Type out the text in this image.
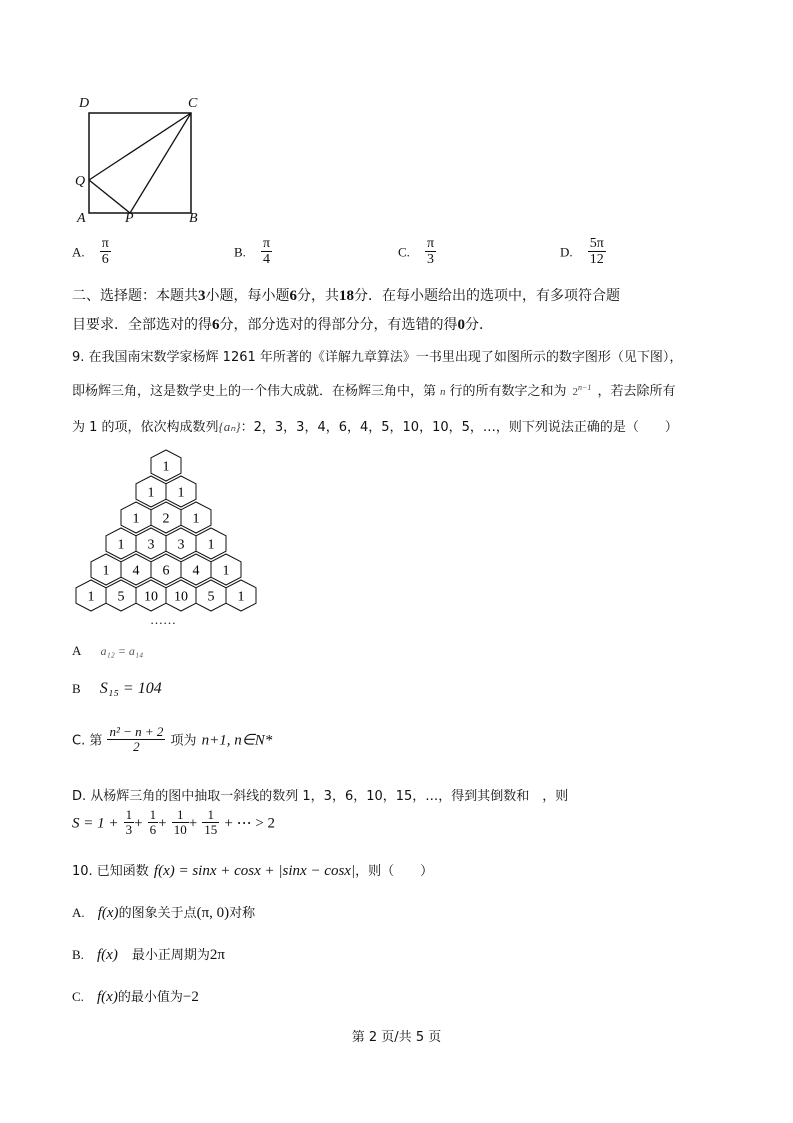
D	C
Q
A	P	B
A. $\frac{\pi}{6}$	B. $\frac{\pi}{4}$	C. $\frac{\pi}{3}$	D. $\frac{5\pi}{12}$
二、选择题：本题共3小题，每小题6分，共18分．在每小题给出的选项中，有多项符合题
目要求．全部选对的得6分，部分选对的得部分分，有选错的得0分．
9. 在我国南宋数学家杨辉 1261 年所著的《详解九章算法》一书里出现了如图所示的数字图形（见下图），
即杨辉三角，这是数学史上的一个伟大成就．在杨辉三角中，第 n 行的所有数字之和为 $2^{n-1}$ ，若去除所有
为 1 的项，依次构成数列{aₙ}：2，3，3，4，6，4，5，10，10，5，…，则下列说法正确的是（　　）
1
1 1
1 2 1
1 3 3 1
1 4 6 4 1
1 5 10 10 5 1
……
A a₁₂ = a₁₄
B S₁₅ = 104
C. 第 $\frac{\text{n² − n + 2}}{2}$ 项为 n+1, n∈N*
D. 从杨辉三角的图中抽取一斜线的数列 1，3，6，10，15，…，得到其倒数和　，则
$S = 1 + \frac{1}{3} + \frac{1}{6} + \frac{1}{10} + \frac{1}{15}$ + ⋯ > 2
10. 已知函数 f(x) = sinx + cosx + |sinx − cosx|，则（　　）
A. f(x)的图象关于点(π, 0)对称
B. f(x) 最小正周期为2π
C. f(x)的最小值为−2
第 2 页/共 5 页
